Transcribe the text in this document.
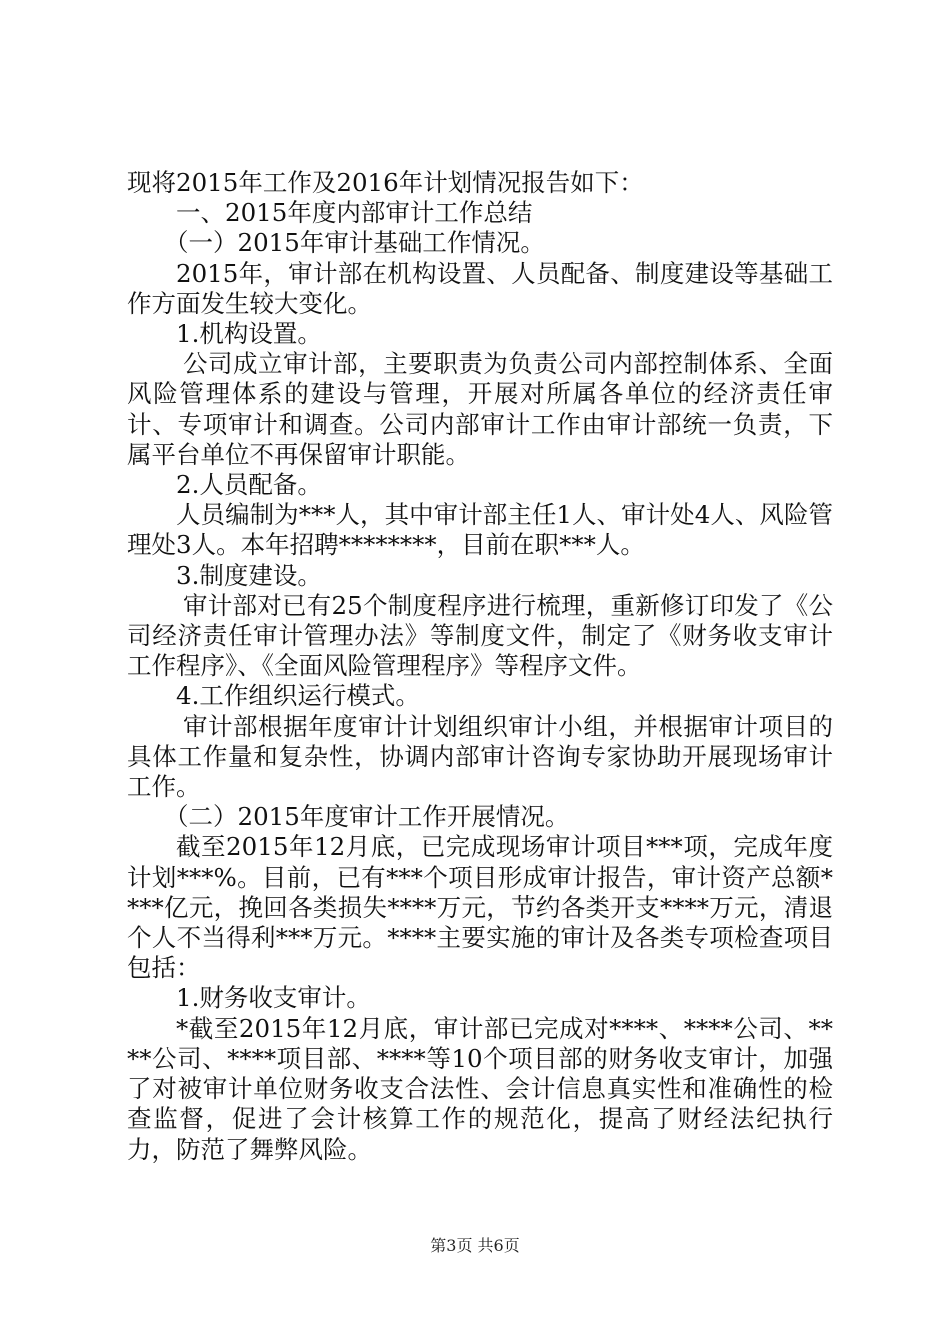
现将2015年工作及2016年计划情况报告如下：

一、2015年度内部审计工作总结

（一）2015年审计基础工作情况。

2015年，审计部在机构设置、人员配备、制度建设等基础工作方面发生较大变化。

1.机构设置。

公司成立审计部，主要职责为负责公司内部控制体系、全面风险管理体系的建设与管理，开展对所属各单位的经济责任审计、专项审计和调查。公司内部审计工作由审计部统一负责，下属平台单位不再保留审计职能。

2.人员配备。

人员编制为***人，其中审计部主任1人、审计处4人、风险管理处3人。本年招聘********，目前在职***人。

3.制度建设。

审计部对已有25个制度程序进行梳理，重新修订印发了《公司经济责任审计管理办法》等制度文件，制定了《财务收支审计工作程序》、《全面风险管理程序》等程序文件。

4.工作组织运行模式。

审计部根据年度审计计划组织审计小组，并根据审计项目的具体工作量和复杂性，协调内部审计咨询专家协助开展现场审计工作。

（二）2015年度审计工作开展情况。

截至2015年12月底，已完成现场审计项目***项，完成年度计划***%。目前，已有***个项目形成审计报告，审计资产总额****亿元，挽回各类损失****万元，节约各类开支****万元，清退个人不当得利***万元。****主要实施的审计及各类专项检查项目包括：

1.财务收支审计。

*截至2015年12月底，审计部已完成对****、****公司、****公司、****项目部、****等10个项目部的财务收支审计，加强了对被审计单位财务收支合法性、会计信息真实性和准确性的检查监督，促进了会计核算工作的规范化，提高了财经法纪执行力，防范了舞弊风险。

第3页 共6页
